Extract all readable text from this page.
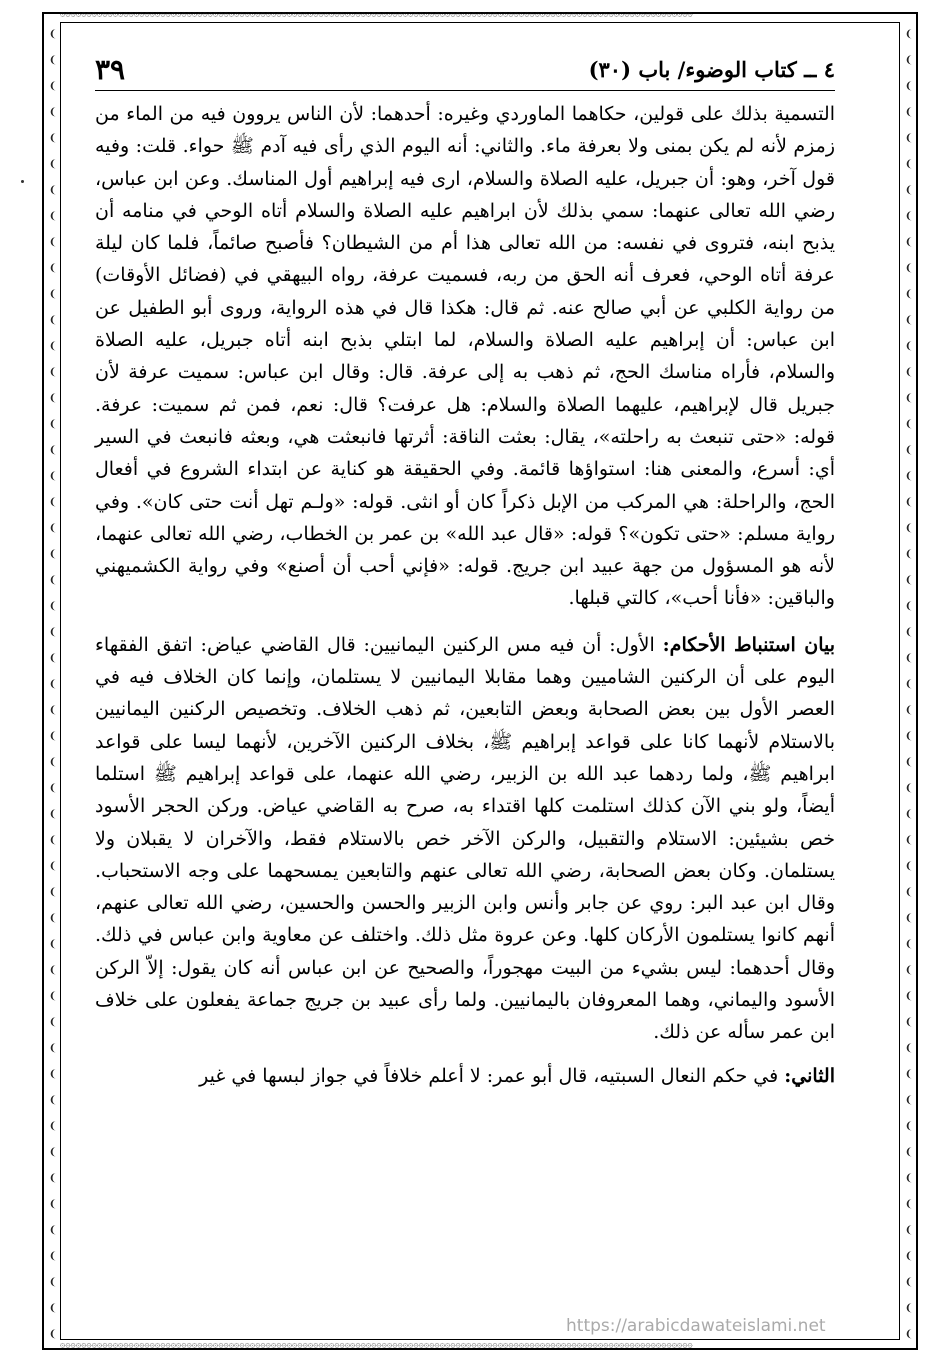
۞۞۞۞۞۞۞۞۞۞۞۞۞۞۞۞۞۞۞۞۞۞۞۞۞۞۞۞۞۞۞۞۞۞۞۞۞۞۞۞۞۞۞۞۞۞۞۞۞۞۞۞۞۞۞۞۞۞۞۞۞۞۞۞۞۞۞۞۞۞۞۞۞۞۞۞۞۞۞۞۞۞۞۞۞۞۞۞۞۞۞۞۞۞۞۞۞۞۞۞۞۞۞۞۞۞۞۞۞۞۞۞۞۞۞۞۞۞۞۞
۞۞۞۞۞۞۞۞۞۞۞۞۞۞۞۞۞۞۞۞۞۞۞۞۞۞۞۞۞۞۞۞۞۞۞۞۞۞۞۞۞۞۞۞۞۞۞۞۞۞۞۞۞۞۞۞۞۞۞۞۞۞۞۞۞۞۞۞۞۞۞۞۞۞۞۞۞۞۞۞۞۞۞۞۞۞۞۞۞۞۞۞۞۞۞۞۞۞۞۞۞۞۞۞۞۞۞۞۞۞۞۞۞۞۞۞۞۞۞۞
❨
❨
❨
❨
❨
❨
❨
❨
❨
❨
❨
❨
❨
❨
❨
❨
❨
❨
❨
❨
❨
❨
❨
❨
❨
❨
❨
❨
❨
❨
❨
❨
❨
❨
❨
❨
❨
❨
❨
❨
❨
❨
❨
❨
❨
❨
❨
❨
❨
❨
❨
❨
❨
❨
❨
❨
❨
❨
❨
❨
❨
❨
❨
❨
❨
❨
❨
❨
❨
❨
❨
❨
❨
❨
❨
❨
❨
❨
❨
❨
❨
❨
❨
❨
❨
❨
❨
❨
❨
❨
❨
❨
❨
❨
❨
❨
❨
❨
❨
❨
❨
❨
٤ ــ كتاب الوضوء/ باب (٣٠)
٣٩

التسمية بذلك على قولين، حكاهما الماوردي وغيره: أحدهما: لأن الناس يروون فيه من الماء من زمزم لأنه لم يكن بمنى ولا بعرفة ماء. والثاني: أنه اليوم الذي رأى فيه آدم ﷺ حواء. قلت: وفيه قول آخر، وهو: أن جبريل، عليه الصلاة والسلام، ارى فيه إبراهيم أول المناسك. وعن ابن عباس، رضي الله تعالى عنهما: سمي بذلك لأن ابراهيم عليه الصلاة والسلام أتاه الوحي في منامه أن يذبح ابنه، فتروى في نفسه: من الله تعالى هذا أم من الشيطان؟ فأصبح صائماً، فلما كان ليلة عرفة أتاه الوحي، فعرف أنه الحق من ربه، فسميت عرفة، رواه البيهقي في (فضائل الأوقات) من رواية الكلبي عن أبي صالح عنه. ثم قال: هكذا قال في هذه الرواية، وروى أبو الطفيل عن ابن عباس: أن إبراهيم عليه الصلاة والسلام، لما ابتلي بذبح ابنه أتاه جبريل، عليه الصلاة والسلام، فأراه مناسك الحج، ثم ذهب به إلى عرفة. قال: وقال ابن عباس: سميت عرفة لأن جبريل قال لإبراهيم، عليهما الصلاة والسلام: هل عرفت؟ قال: نعم، فمن ثم سميت: عرفة. قوله: «حتى تنبعث به راحلته»، يقال: بعثت الناقة: أثرتها فانبعثت هي، وبعثه فانبعث في السير أي: أسرع، والمعنى هنا: استواؤها قائمة. وفي الحقيقة هو كناية عن ابتداء الشروع في أفعال الحج، والراحلة: هي المركب من الإبل ذكراً كان أو انثى. قوله: «ولـم تهل أنت حتى كان». وفي رواية مسلم: «حتى تكون»؟ قوله: «قال عبد الله» بن عمر بن الخطاب، رضي الله تعالى عنهما، لأنه هو المسؤول من جهة عبيد ابن جريج. قوله: «فإني أحب أن أصنع» وفي رواية الكشميهني والباقين: «فأنا أحب»، كالتي قبلها.

بيان استنباط الأحكام: الأول: أن فيه مس الركنين اليمانيين: قال القاضي عياض: اتفق الفقهاء اليوم على أن الركنين الشاميين وهما مقابلا اليمانيين لا يستلمان، وإنما كان الخلاف فيه في العصر الأول بين بعض الصحابة وبعض التابعين، ثم ذهب الخلاف. وتخصيص الركنين اليمانيين بالاستلام لأنهما كانا على قواعد إبراهيم ﷺ، بخلاف الركنين الآخرين، لأنهما ليسا على قواعد ابراهيم ﷺ، ولما ردهما عبد الله بن الزبير، رضي الله عنهما، على قواعد إبراهيم ﷺ استلما أيضاً، ولو بني الآن كذلك استلمت كلها اقتداء به، صرح به القاضي عياض. وركن الحجر الأسود خص بشيئين: الاستلام والتقبيل، والركن الآخر خص بالاستلام فقط، والآخران لا يقبلان ولا يستلمان. وكان بعض الصحابة، رضي الله تعالى عنهم والتابعين يمسحهما على وجه الاستحباب. وقال ابن عبد البر: روي عن جابر وأنس وابن الزبير والحسن والحسين، رضي الله تعالى عنهم، أنهم كانوا يستلمون الأركان كلها. وعن عروة مثل ذلك. واختلف عن معاوية وابن عباس في ذلك. وقال أحدهما: ليس بشيء من البيت مهجوراً، والصحيح عن ابن عباس أنه كان يقول: إلاّ الركن الأسود واليماني، وهما المعروفان باليمانيين. ولما رأى عبيد بن جريج جماعة يفعلون على خلاف ابن عمر سأله عن ذلك.

الثاني: في حكم النعال السبتيه، قال أبو عمر: لا أعلم خلافاً في جواز لبسها في غير

https://arabicdawateislami.net
